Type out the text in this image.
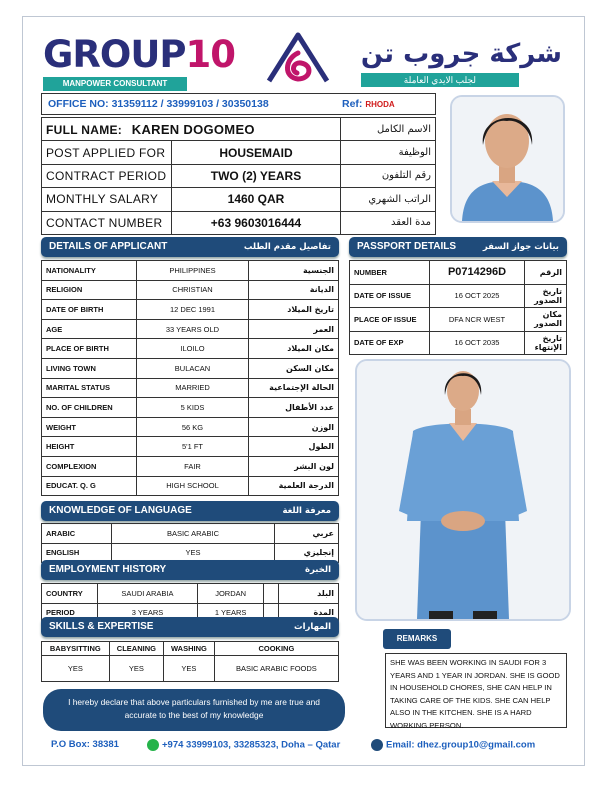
GROUP10
MANPOWER CONSULTANT
شركة جروب تن
لجلب الايدي العاملة
OFFICE NO: 31359112 / 33999103 / 30350138	Ref: RHODA
FULL NAME: KAREN DOGOMEO		الاسم الكامل
POST APPLIED FOR	HOUSEMAID	الوظيفة
CONTRACT PERIOD	TWO (2) YEARS	رقم التلفون
MONTHLY SALARY	1460 QAR	الراتب الشهري
CONTACT NUMBER	+63 9603016444	مدة العقد
DETAILS OF APPLICANT	تفاصيل مقدم الطلب
NATIONALITY	PHILIPPINES	الجنسية
RELIGION	CHRISTIAN	الديانة
DATE OF BIRTH	12 DEC 1991	تاريخ الميلاد
AGE	33 YEARS OLD	العمر
PLACE OF BIRTH	ILOILO	مكان الميلاد
LIVING TOWN	BULACAN	مكان السكن
MARITAL STATUS	MARRIED	الحالة الإجتماعية
NO. OF CHILDREN	5 KIDS	عدد الأطفال
WEIGHT	56 KG	الوزن
HEIGHT	5'1 FT	الطول
COMPLEXION	FAIR	لون البشر
EDUCAT. Q. G	HIGH SCHOOL	الدرجة العلمية
PASSPORT DETAILS	بيانات جواز السفر
NUMBER	P0714296D	الرقم
DATE OF ISSUE	16 OCT 2025	تاريخ الصدور
PLACE OF ISSUE	DFA NCR WEST	مكان الصدور
DATE OF EXP	16 OCT 2035	تاريخ الإنتهاء
KNOWLEDGE OF LANGUAGE	معرفة اللغة
ARABIC	BASIC ARABIC	عربي
ENGLISH	YES	إنجليزي
EMPLOYMENT HISTORY	الخبرة
COUNTRY	SAUDI ARABIA	JORDAN		البلد
PERIOD	3 YEARS	1 YEARS		المدة
SKILLS & EXPERTISE	المهارات
BABYSITTING	CLEANING	WASHING	COOKING
YES	YES	YES	BASIC ARABIC FOODS
REMARKS
SHE WAS BEEN WORKING IN SAUDI FOR 3 YEARS AND 1 YEAR IN JORDAN. SHE IS GOOD IN HOUSEHOLD CHORES, SHE CAN HELP IN TAKING CARE OF THE KIDS. SHE CAN HELP ALSO IN THE KITCHEN. SHE IS A HARD WORKING PERSON.
I hereby declare that above particulars furnished by me are true and accurate to the best of my knowledge
P.O Box: 38381	+974 33999103, 33285323, Doha – Qatar	Email: dhez.group10@gmail.com
